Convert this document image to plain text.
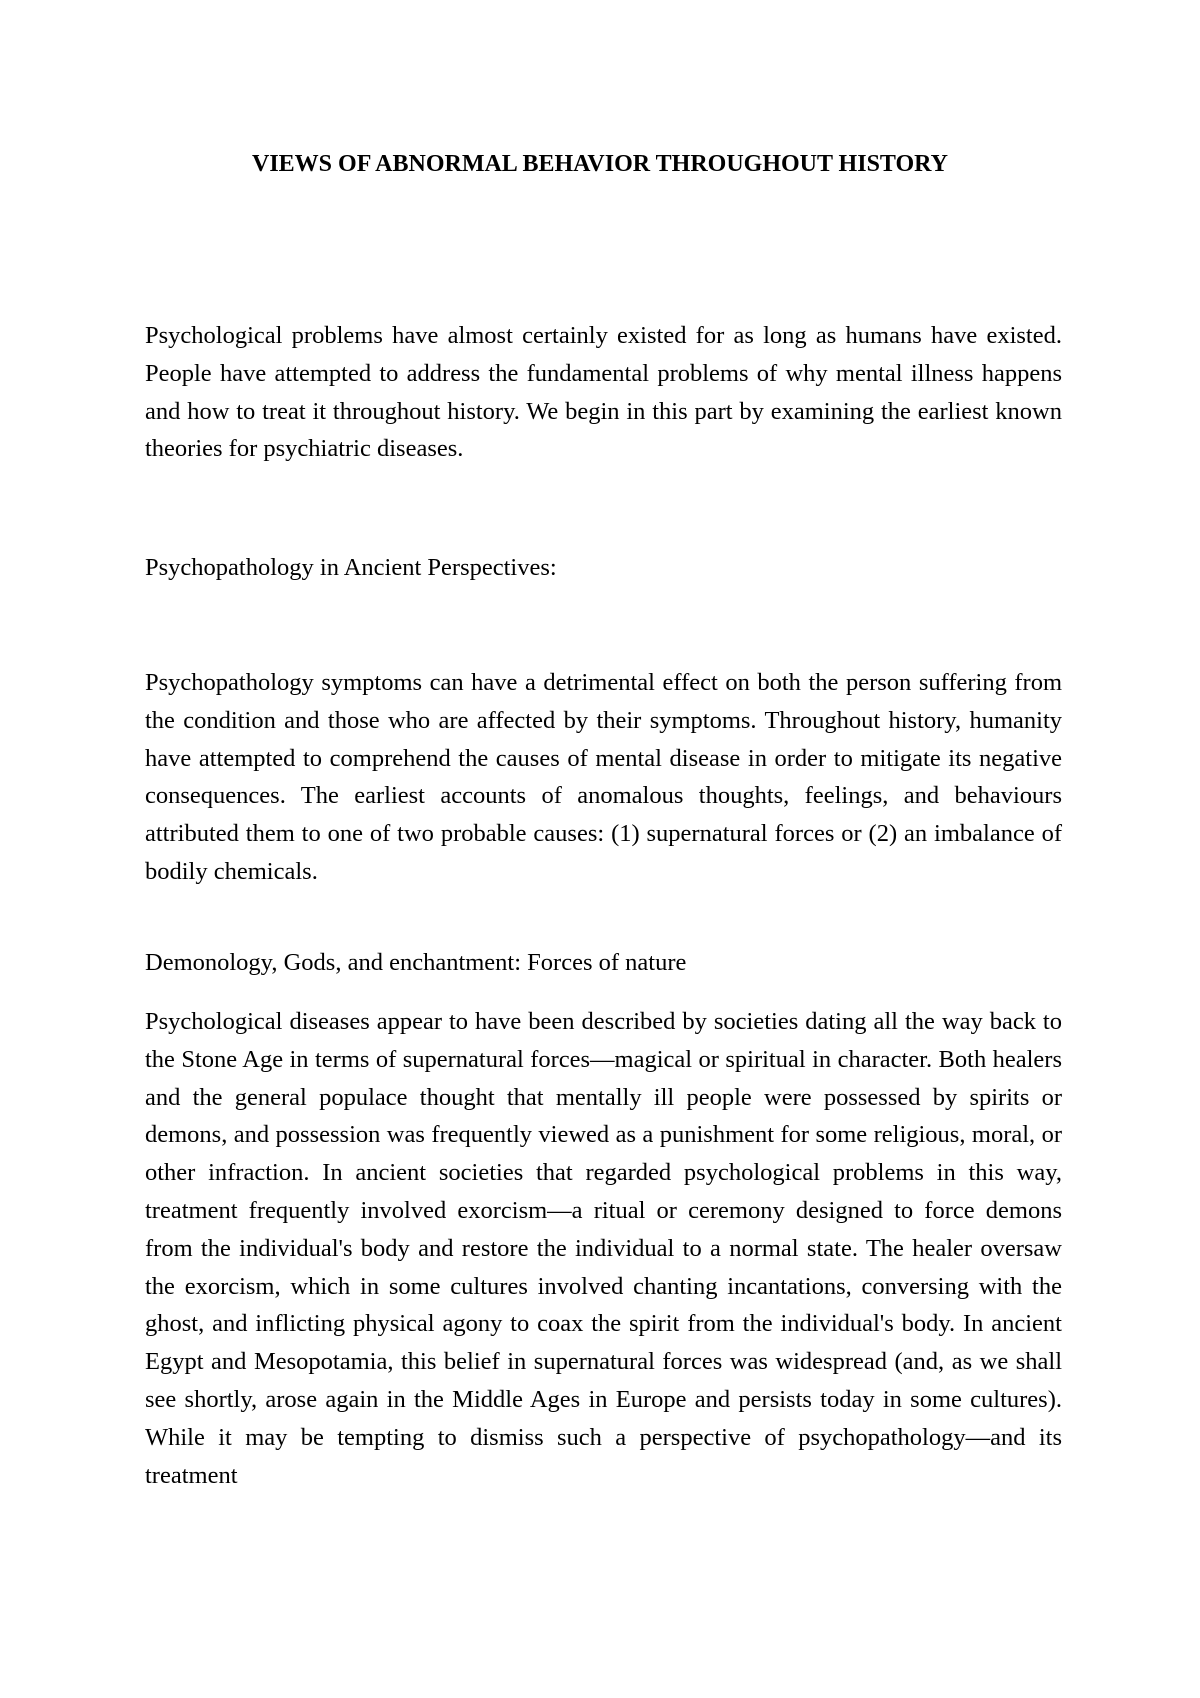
VIEWS OF ABNORMAL BEHAVIOR THROUGHOUT HISTORY

Psychological problems have almost certainly existed for as long as humans have existed. People have attempted to address the fundamental problems of why mental illness happens and how to treat it throughout history. We begin in this part by examining the earliest known theories for psychiatric diseases.

Psychopathology in Ancient Perspectives:

Psychopathology symptoms can have a detrimental effect on both the person suffering from the condition and those who are affected by their symptoms. Throughout history, humanity have attempted to comprehend the causes of mental disease in order to mitigate its negative consequences. The earliest accounts of anomalous thoughts, feelings, and behaviours attributed them to one of two probable causes: (1) supernatural forces or (2) an imbalance of bodily chemicals.

Demonology, Gods, and enchantment: Forces of nature

Psychological diseases appear to have been described by societies dating all the way back to the Stone Age in terms of supernatural forces—magical or spiritual in character. Both healers and the general populace thought that mentally ill people were possessed by spirits or demons, and possession was frequently viewed as a punishment for some religious, moral, or other infraction. In ancient societies that regarded psychological problems in this way, treatment frequently involved exorcism—a ritual or ceremony designed to force demons from the individual's body and restore the individual to a normal state. The healer oversaw the exorcism, which in some cultures involved chanting incantations, conversing with the ghost, and inflicting physical agony to coax the spirit from the individual's body. In ancient Egypt and Mesopotamia, this belief in supernatural forces was widespread (and, as we shall see shortly, arose again in the Middle Ages in Europe and persists today in some cultures). While it may be tempting to dismiss such a perspective of psychopathology—and its treatment
